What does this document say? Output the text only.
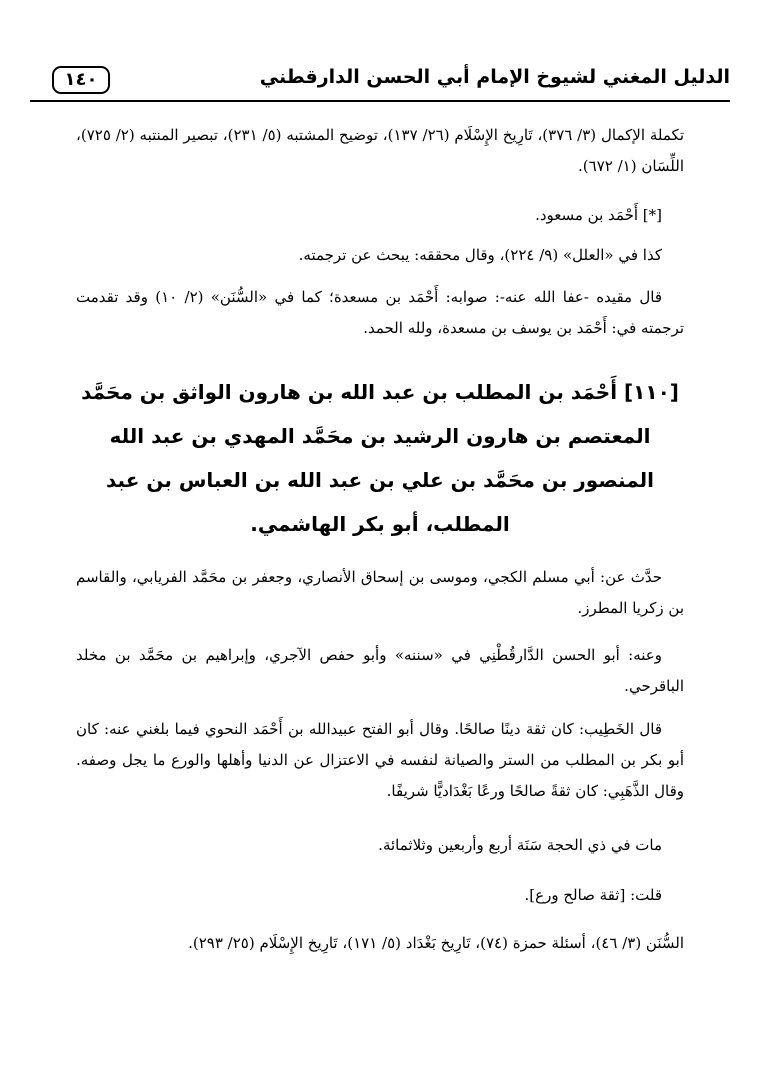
الدليل المغني لشيوخ الإمام أبي الحسن الدارقطني
١٤٠

تكملة الإكمال (٣/ ٣٧٦)، تَارِيخ الإِسْلَام (٢٦/ ١٣٧)، توضيح المشتبه (٥/ ٢٣١)، تبصير المنتبه (٢/ ٧٢٥)، اللِّسَان (١/ ٦٧٢).

[*] أَحْمَد بن مسعود.

كذا في «العلل» (٩/ ٢٢٤)، وقال محققه: يبحث عن ترجمته.

قال مقيده -عفا الله عنه-: صوابه: أَحْمَد بن مسعدة؛ كما في «السُّنَن» (٢/ ١٠) وقد تقدمت ترجمته في: أَحْمَد بن يوسف بن مسعدة، ولله الحمد.

[١١٠] أَحْمَد بن المطلب بن عبد الله بن هارون الواثق بن محَمَّد المعتصم بن هارون الرشيد بن محَمَّد المهدي بن عبد الله المنصور بن محَمَّد بن علي بن عبد الله بن العباس بن عبد المطلب، أبو بكر الهاشمي.

حدَّث عن: أبي مسلم الكجي، وموسى بن إسحاق الأنصاري، وجعفر بن محَمَّد الفريابي، والقاسم بن زكريا المطرز.

وعنه: أبو الحسن الدَّارقُطْنِي في «سننه» وأبو حفص الآجري، وإبراهيم بن محَمَّد بن مخلد الباقرحي.

قال الخَطِيب: كان ثقة دينًا صالحًا. وقال أبو الفتح عبيدالله بن أَحْمَد النحوي فيما بلغني عنه: كان أبو بكر بن المطلب من الستر والصيانة لنفسه في الاعتزال عن الدنيا وأهلها والورع ما يجل وصفه. وقال الذَّهَبِي: كان ثقةً صالحًا ورعًا بَغْدَاديًّا شريفًا.

مات في ذي الحجة سَنَة أربع وأربعين وثلاثمائة.

قلت: [ثقة صالح ورع].

السُّنَن (٣/ ٤٦)، أسئلة حمزة (٧٤)، تَارِيخ بَغْدَاد (٥/ ١٧١)، تَارِيخ الإِسْلَام (٢٥/ ٢٩٣).
